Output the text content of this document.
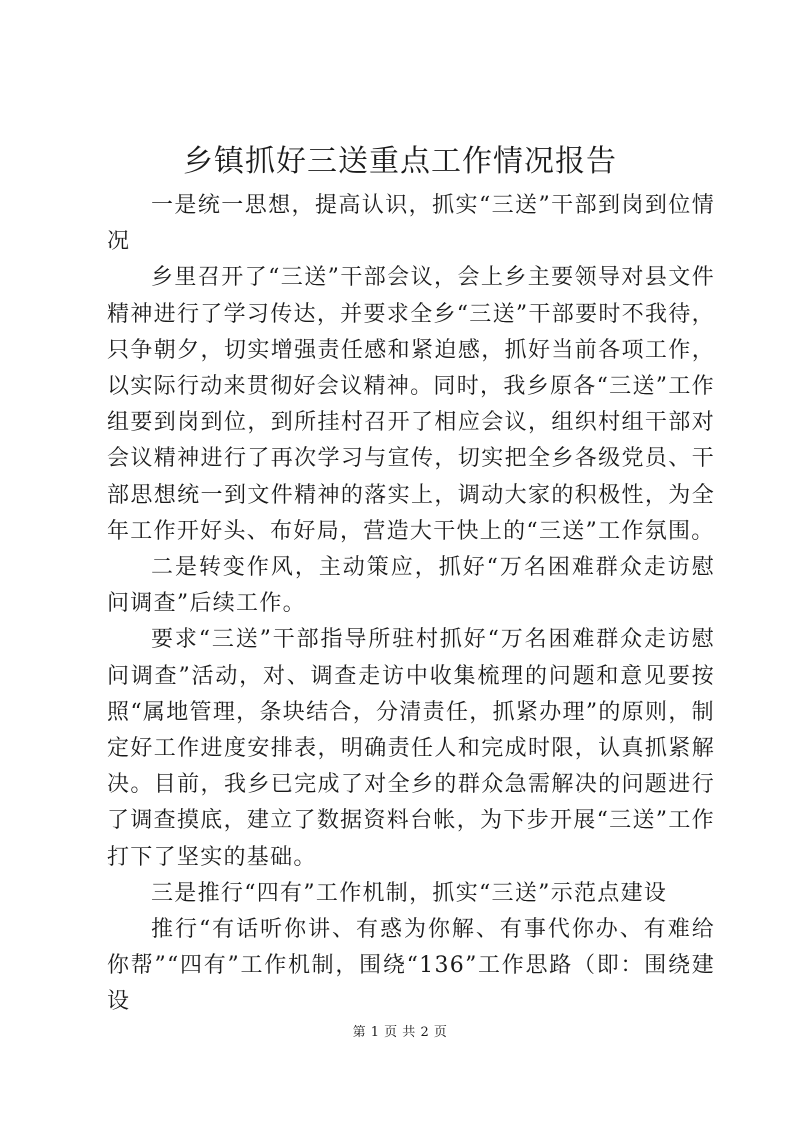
乡镇抓好三送重点工作情况报告

一是统一思想，提高认识，抓实“三送”干部到岗到位情况

乡里召开了“三送”干部会议，会上乡主要领导对县文件精神进行了学习传达，并要求全乡“三送”干部要时不我待，只争朝夕，切实增强责任感和紧迫感，抓好当前各项工作，以实际行动来贯彻好会议精神。同时，我乡原各“三送”工作组要到岗到位，到所挂村召开了相应会议，组织村组干部对会议精神进行了再次学习与宣传，切实把全乡各级党员、干部思想统一到文件精神的落实上，调动大家的积极性，为全年工作开好头、布好局，营造大干快上的“三送”工作氛围。

二是转变作风，主动策应，抓好“万名困难群众走访慰问调查”后续工作。

要求“三送”干部指导所驻村抓好“万名困难群众走访慰问调查”活动，对、调查走访中收集梳理的问题和意见要按照“属地管理，条块结合，分清责任，抓紧办理”的原则，制定好工作进度安排表，明确责任人和完成时限，认真抓紧解决。目前，我乡已完成了对全乡的群众急需解决的问题进行了调查摸底，建立了数据资料台帐，为下步开展“三送”工作打下了坚实的基础。

三是推行“四有”工作机制，抓实“三送”示范点建设

推行“有话听你讲、有惑为你解、有事代你办、有难给你帮”“四有”工作机制，围绕“136”工作思路（即：围绕建设

第 1 页 共 2 页
